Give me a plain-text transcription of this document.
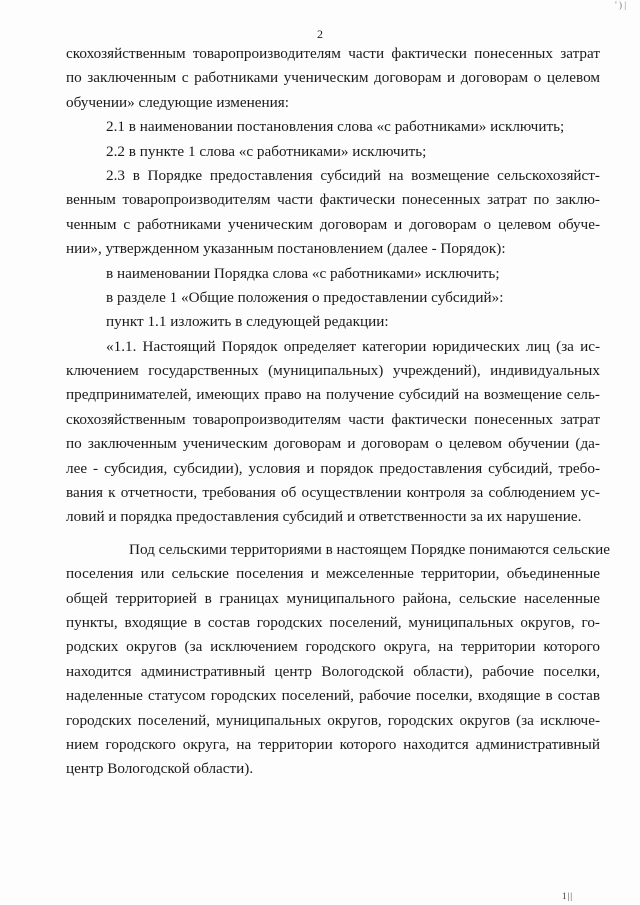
' ) |
2
скохозяйственным товаропроизводителям части фактически понесенных затрат
по заключенным с работниками ученическим договорам и договорам о целевом
обучении» следующие изменения:
2.1 в наименовании постановления слова «с работниками» исключить;
2.2 в пункте 1 слова «с работниками» исключить;
2.3 в Порядке предоставления субсидий на возмещение сельскохозяйст-
венным товаропроизводителям части фактически понесенных затрат по заклю-
ченным с работниками ученическим договорам и договорам о целевом обуче-
нии», утвержденном указанным постановлением (далее - Порядок):
в наименовании Порядка слова «с работниками» исключить;
в разделе 1 «Общие положения о предоставлении субсидий»:
пункт 1.1 изложить в следующей редакции:
«1.1. Настоящий Порядок определяет категории юридических лиц (за ис-
ключением государственных (муниципальных) учреждений), индивидуальных
предпринимателей, имеющих право на получение субсидий на возмещение сель-
скохозяйственным товаропроизводителям части фактически понесенных затрат
по заключенным ученическим договорам и договорам о целевом обучении (да-
лее - субсидия, субсидии), условия и порядок предоставления субсидий, требо-
вания к отчетности, требования об осуществлении контроля за соблюдением ус-
ловий и порядка предоставления субсидий и ответственности за их нарушение.
Под сельскими территориями в настоящем Порядке понимаются сельские
поселения или сельские поселения и межселенные территории, объединенные
общей территорией в границах муниципального района, сельские населенные
пункты, входящие в состав городских поселений, муниципальных округов, го-
родских округов (за исключением городского округа, на территории которого
находится административный центр Вологодской области), рабочие поселки,
наделенные статусом городских поселений, рабочие поселки, входящие в состав
городских поселений, муниципальных округов, городских округов (за исключе-
нием городского округа, на территории которого находится административный
центр Вологодской области).
1||
